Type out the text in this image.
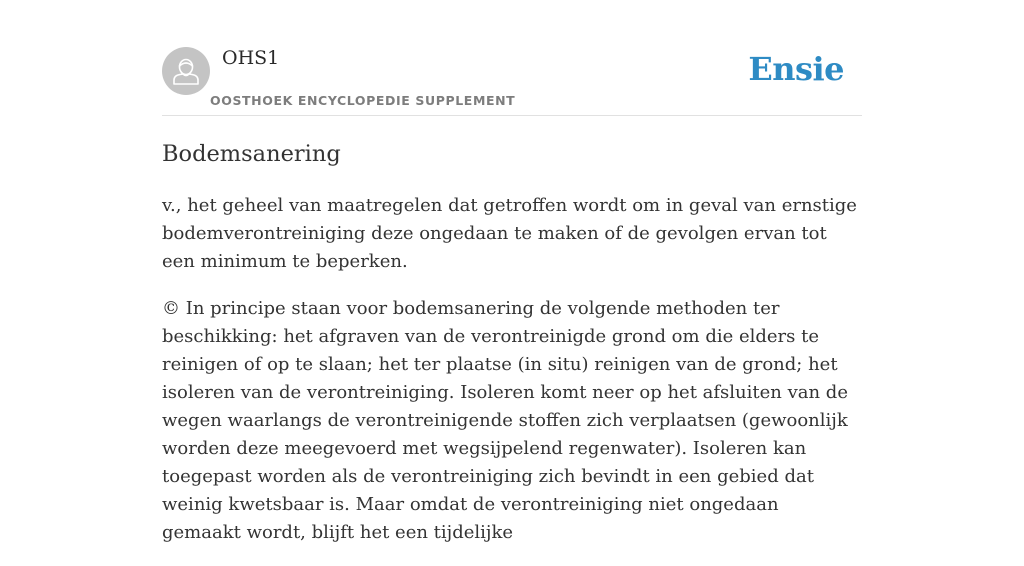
OHS1
OOSTHOEK ENCYCLOPEDIE SUPPLEMENT
Ensie
Bodemsanering

v., het geheel van maatregelen dat getroffen wordt om in geval van ernstige bodemverontreiniging deze ongedaan te maken of de gevolgen ervan tot een minimum te beperken.

© In principe staan voor bodemsanering de volgende methoden ter beschikking: het afgraven van de verontreinigde grond om die elders te reinigen of op te slaan; het ter plaatse (in situ) reinigen van de grond; het isoleren van de verontreiniging. Isoleren komt neer op het afsluiten van de wegen waarlangs de verontreinigende stoffen zich verplaatsen (gewoonlijk worden deze meegevoerd met wegsijpelend regenwater). Isoleren kan toegepast worden als de verontreiniging zich bevindt in een gebied dat weinig kwetsbaar is. Maar omdat de verontreiniging niet ongedaan gemaakt wordt, blijft het een tijdelijke
